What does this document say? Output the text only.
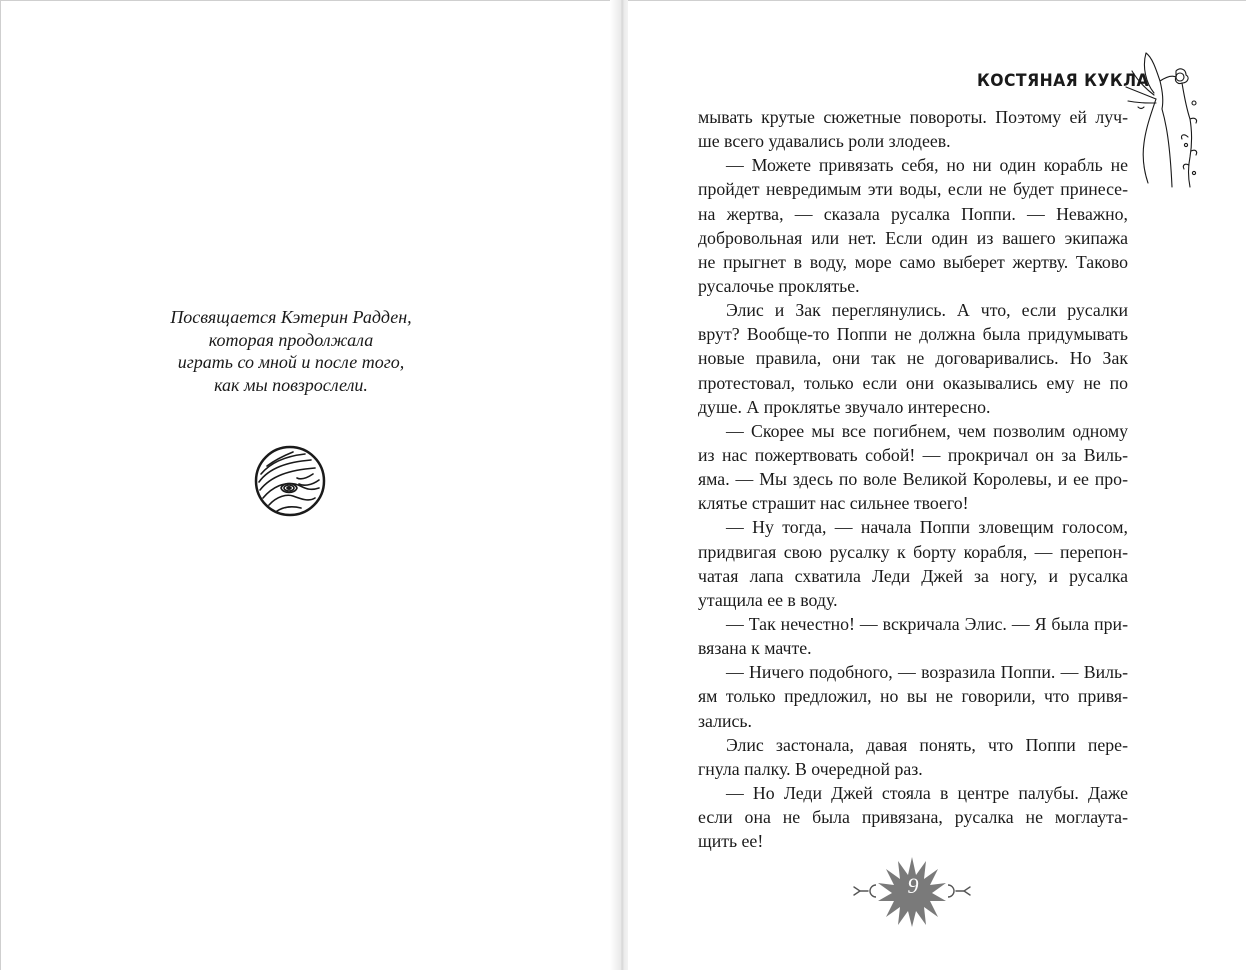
Посвящается Кэтерин Радден,
которая продолжала
играть со мной и после того,
как мы повзрослели.
КОСТЯНАЯ КУКЛА
мывать крутые сюжетные повороты. Поэтому ей луч-
ше всего удавались роли злодеев.
— Можете привязать себя, но ни один корабль не
пройдет невредимым эти воды, если не будет принесе-
на жертва, — сказала русалка Поппи. — Неважно,
добровольная или нет. Если один из вашего экипажа
не прыгнет в воду, море само выберет жертву. Таково
русалочье проклятье.
Элис и Зак переглянулись. А что, если русалки
врут? Вообще-то Поппи не должна была придумывать
новые правила, они так не договаривались. Но Зак
протестовал, только если они оказывались ему не по
душе. А проклятье звучало интересно.
— Скорее мы все погибнем, чем позволим одному
из нас пожертвовать собой! — прокричал он за Виль-
яма. — Мы здесь по воле Великой Королевы, и ее про-
клятье страшит нас сильнее твоего!
— Ну тогда, — начала Поппи зловещим голосом,
придвигая свою русалку к борту корабля, — перепон-
чатая лапа схватила Леди Джей за ногу, и русалка
утащила ее в воду.
— Так нечестно! — вскричала Элис. — Я была при-
вязана к мачте.
— Ничего подобного, — возразила Поппи. — Виль-
ям только предложил, но вы не говорили, что привя-
зались.
Элис застонала, давая понять, что Поппи пере-
гнула палку. В очередной раз.
— Но Леди Джей стояла в центре палубы. Даже
если она не была привязана, русалка не моглаута-
щить ее!
9
